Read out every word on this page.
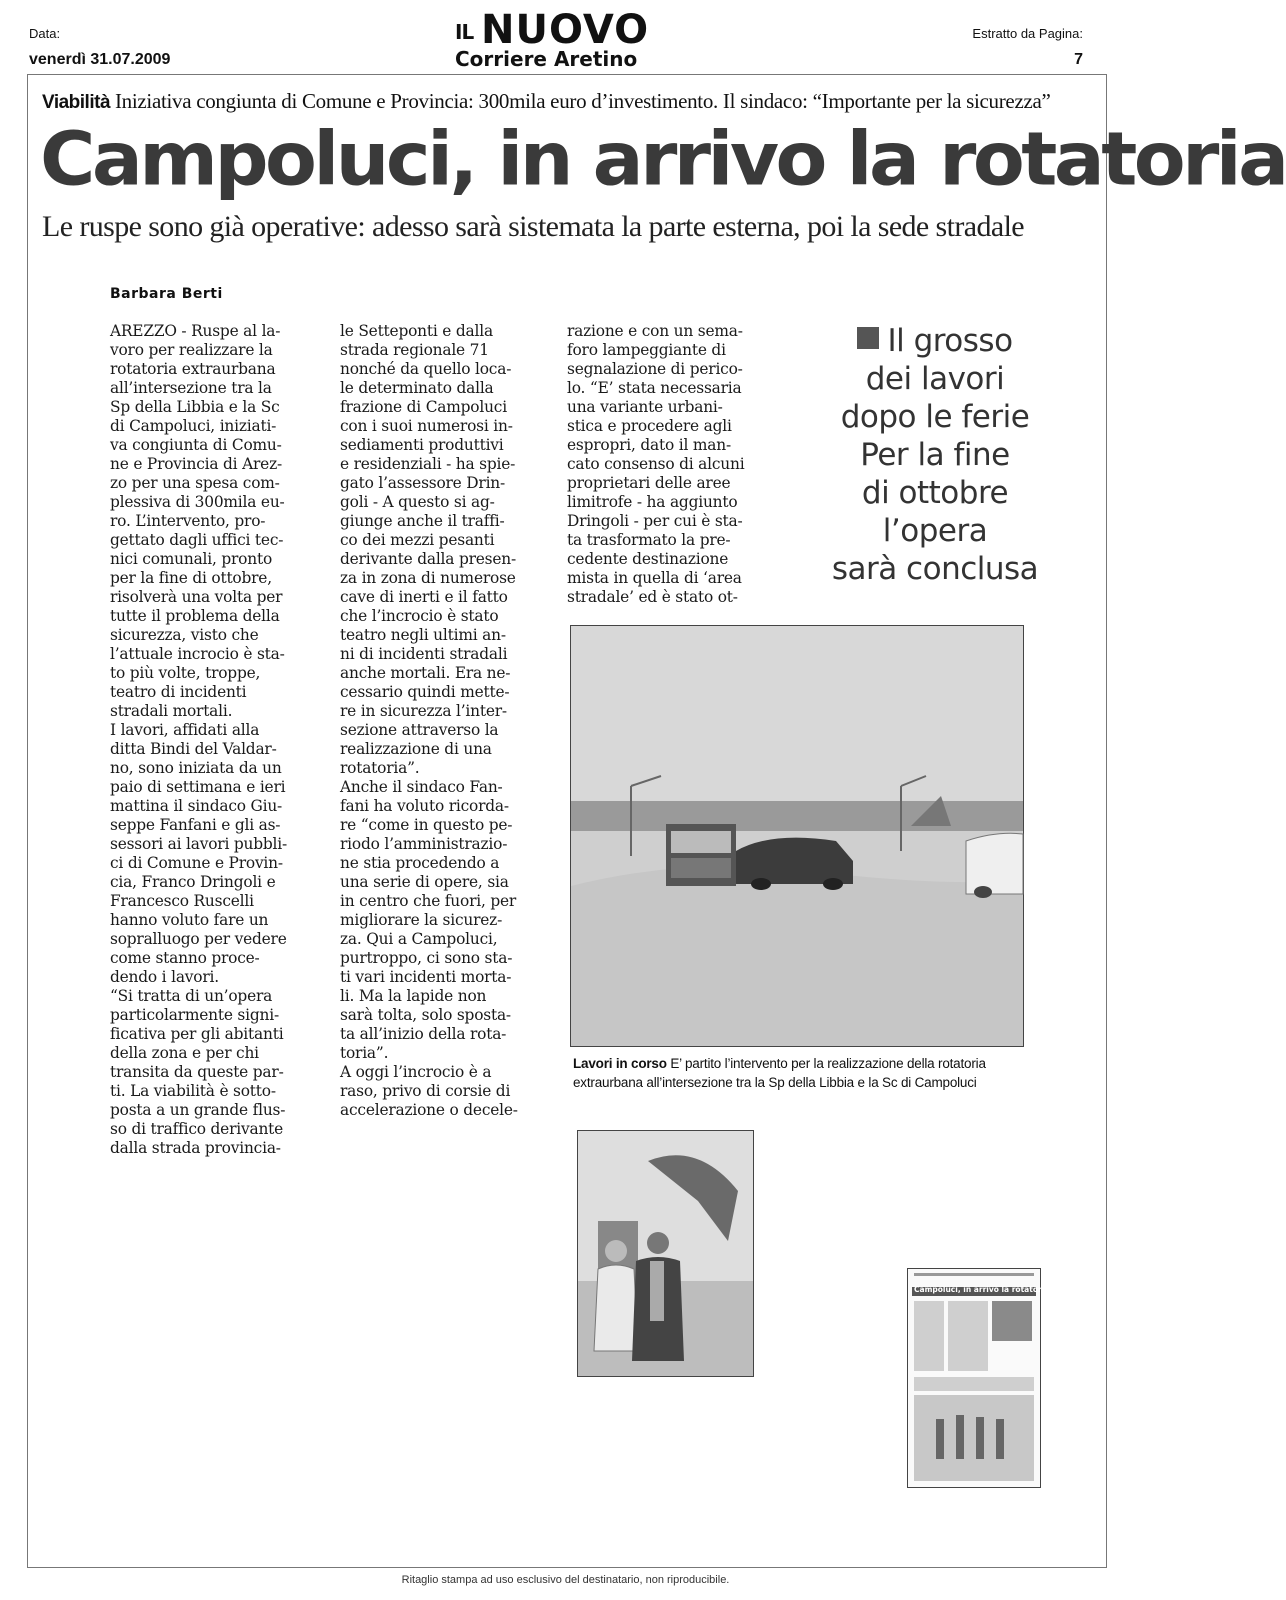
Data:
venerdì 31.07.2009
IL NUOVO
Corriere Aretino
Estratto da Pagina:
7
Viabilità Iniziativa congiunta di Comune e Provincia: 300mila euro d’investimento. Il sindaco: “Importante per la sicurezza”
Campoluci, in arrivo la rotatoria
Le ruspe sono già operative: adesso sarà sistemata la parte esterna, poi la sede stradale
Barbara Berti
AREZZO - Ruspe al la-
voro per realizzare la
rotatoria extraurbana
all’intersezione tra la
Sp della Libbia e la Sc
di Campoluci, iniziati-
va congiunta di Comu-
ne e Provincia di Arez-
zo per una spesa com-
plessiva di 300mila eu-
ro. L’intervento, pro-
gettato dagli uffici tec-
nici comunali, pronto
per la fine di ottobre,
risolverà una volta per
tutte il problema della
sicurezza, visto che
l’attuale incrocio è sta-
to più volte, troppe,
teatro di incidenti
stradali mortali.
I lavori, affidati alla
ditta Bindi del Valdar-
no, sono iniziata da un
paio di settimana e ieri
mattina il sindaco Giu-
seppe Fanfani e gli as-
sessori ai lavori pubbli-
ci di Comune e Provin-
cia, Franco Dringoli e
Francesco Ruscelli
hanno voluto fare un
sopralluogo per vedere
come stanno proce-
dendo i lavori.
“Si tratta di un’opera
particolarmente signi-
ficativa per gli abitanti
della zona e per chi
transita da queste par-
ti. La viabilità è sotto-
posta a un grande flus-
so di traffico derivante
dalla strada provincia-
le Setteponti e dalla
strada regionale 71
nonché da quello loca-
le determinato dalla
frazione di Campoluci
con i suoi numerosi in-
sediamenti produttivi
e residenziali - ha spie-
gato l’assessore Drin-
goli - A questo si ag-
giunge anche il traffi-
co dei mezzi pesanti
derivante dalla presen-
za in zona di numerose
cave di inerti e il fatto
che l’incrocio è stato
teatro negli ultimi an-
ni di incidenti stradali
anche mortali. Era ne-
cessario quindi mette-
re in sicurezza l’inter-
sezione attraverso la
realizzazione di una
rotatoria”.
Anche il sindaco Fan-
fani ha voluto ricorda-
re “come in questo pe-
riodo l’amministrazio-
ne stia procedendo a
una serie di opere, sia
in centro che fuori, per
migliorare la sicurez-
za. Qui a Campoluci,
purtroppo, ci sono sta-
ti vari incidenti morta-
li. Ma la lapide non
sarà tolta, solo sposta-
ta all’inizio della rota-
toria”.
A oggi l’incrocio è a
raso, privo di corsie di
accelerazione o decele-
razione e con un sema-
foro lampeggiante di
segnalazione di perico-
lo. “E’ stata necessaria
una variante urbani-
stica e procedere agli
espropri, dato il man-
cato consenso di alcuni
proprietari delle aree
limitrofe - ha aggiunto
Dringoli - per cui è sta-
ta trasformato la pre-
cedente destinazione
mista in quella di ‘area
stradale’ ed è stato ot-
Il grosso
dei lavori
dopo le ferie
Per la fine
di ottobre
l’opera
sarà conclusa
Lavori in corso E’ partito l’intervento per la realizzazione della rotatoria
extraurbana all’intersezione tra la Sp della Libbia e la Sc di Campoluci
Campoluci, in arrivo la rotatoria
Ritaglio stampa ad uso esclusivo del destinatario, non riproducibile.
